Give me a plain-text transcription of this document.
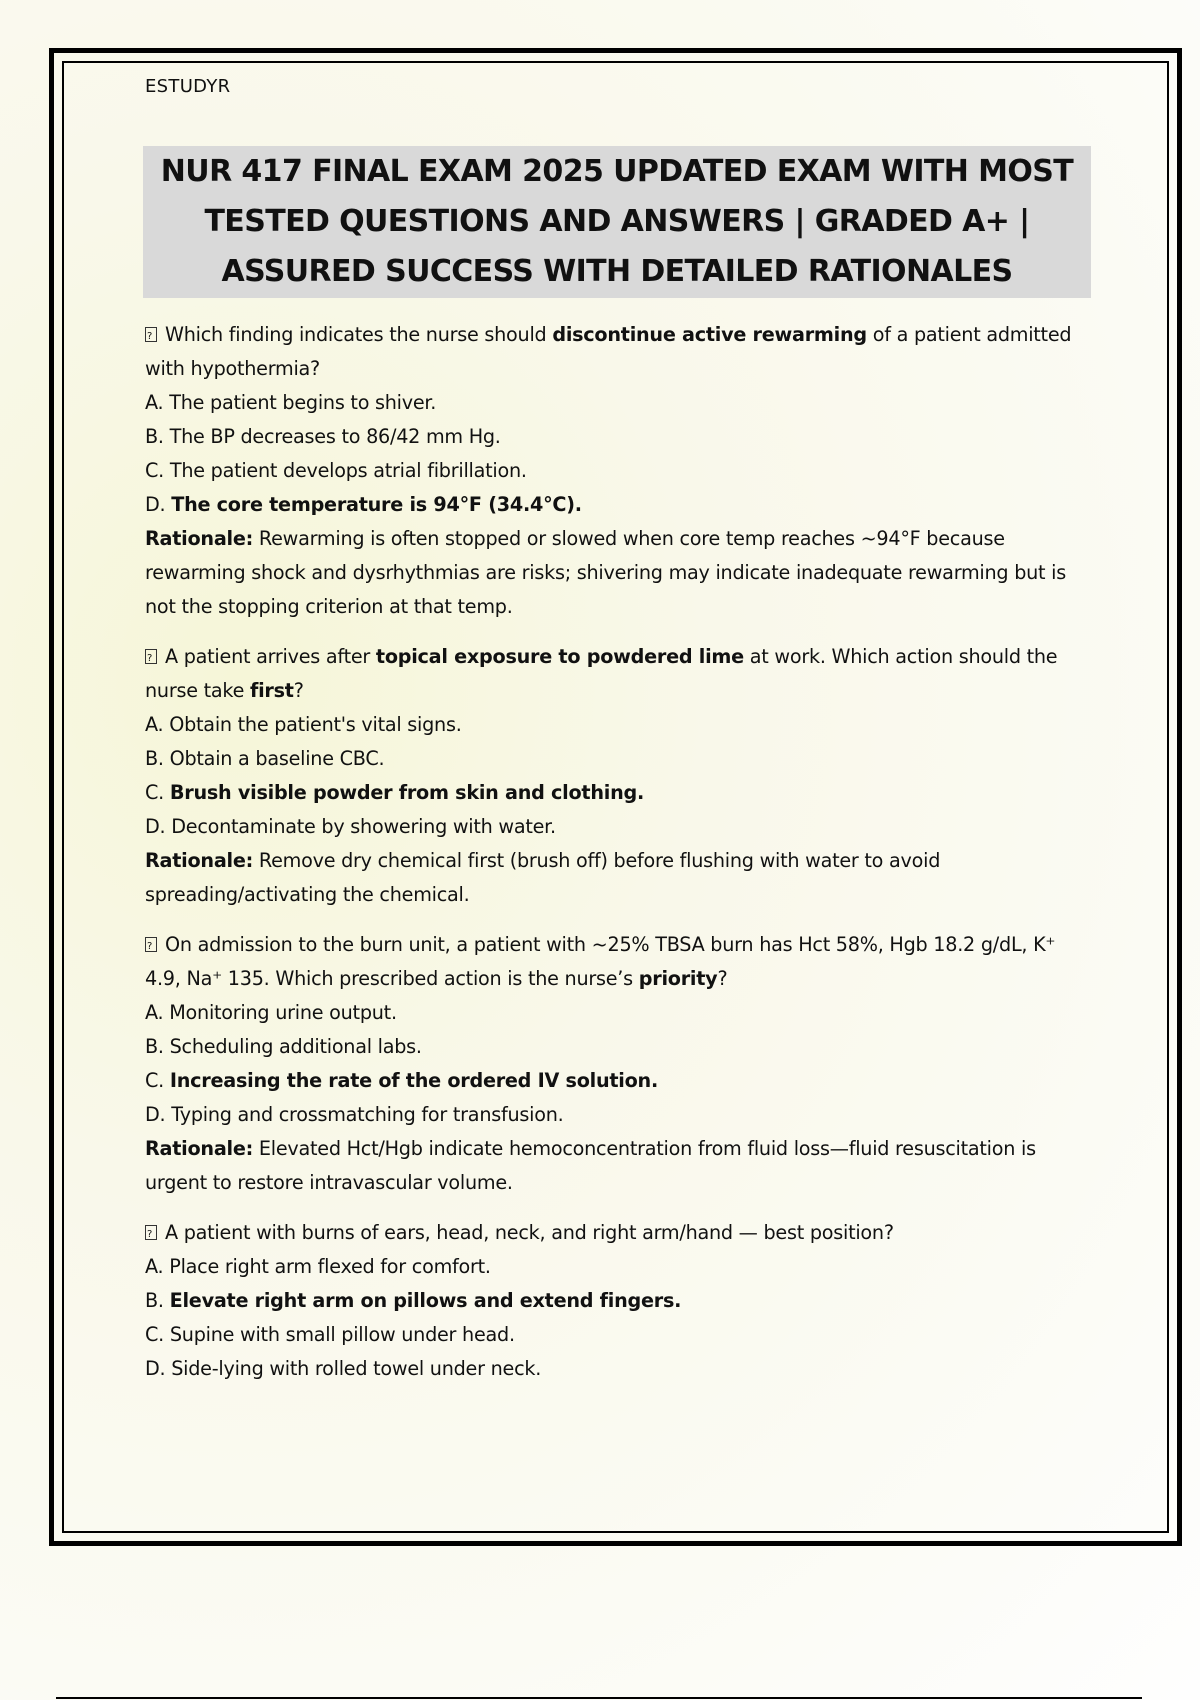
ESTUDYR
NUR 417 FINAL EXAM 2025 UPDATED EXAM WITH MOST TESTED QUESTIONS AND ANSWERS | GRADED A+ | ASSURED SUCCESS WITH DETAILED RATIONALES

?Which finding indicates the nurse should discontinue active rewarming of a patient admitted with hypothermia?

A. The patient begins to shiver.

B. The BP decreases to 86/42 mm Hg.

C. The patient develops atrial fibrillation.

D. The core temperature is 94°F (34.4°C).

Rationale: Rewarming is often stopped or slowed when core temp reaches ~94°F because rewarming shock and dysrhythmias are risks; shivering may indicate inadequate rewarming but is not the stopping criterion at that temp.

?A patient arrives after topical exposure to powdered lime at work. Which action should the nurse take first?

A. Obtain the patient's vital signs.

B. Obtain a baseline CBC.

C. Brush visible powder from skin and clothing.

D. Decontaminate by showering with water.

Rationale: Remove dry chemical first (brush off) before flushing with water to avoid spreading/activating the chemical.

?On admission to the burn unit, a patient with ~25% TBSA burn has Hct 58%, Hgb 18.2 g/dL, K⁺ 4.9, Na⁺ 135. Which prescribed action is the nurse’s priority?

A. Monitoring urine output.

B. Scheduling additional labs.

C. Increasing the rate of the ordered IV solution.

D. Typing and crossmatching for transfusion.

Rationale: Elevated Hct/Hgb indicate hemoconcentration from fluid loss—fluid resuscitation is urgent to restore intravascular volume.

?A patient with burns of ears, head, neck, and right arm/hand — best position?

A. Place right arm flexed for comfort.

B. Elevate right arm on pillows and extend fingers.

C. Supine with small pillow under head.

D. Side-lying with rolled towel under neck.
